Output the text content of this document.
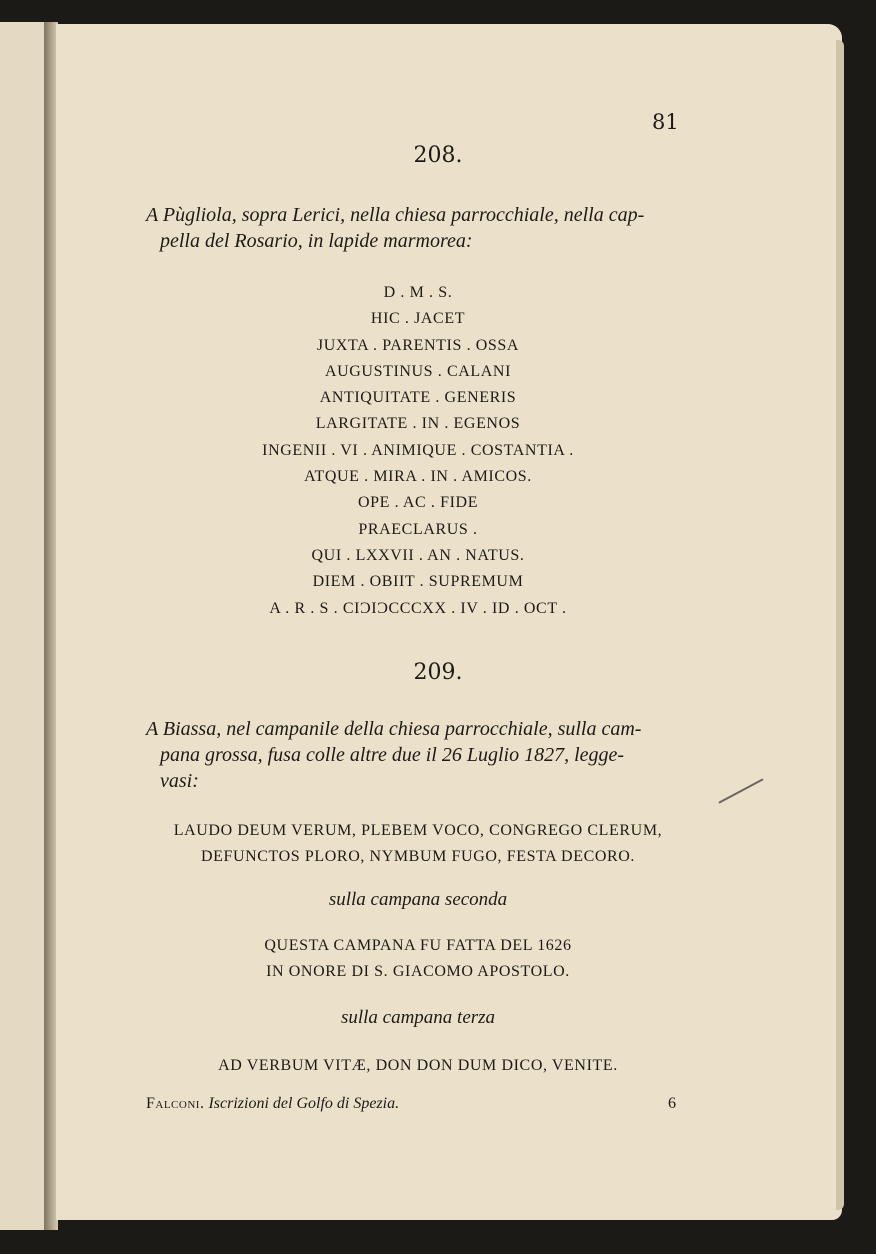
81
208.
A Pùgliola, sopra Lerici, nella chiesa parrocchiale, nella cap-
pella del Rosario, in lapide marmorea:
D . M . S.
HIC . JACET
JUXTA . PARENTIS . OSSA
AUGUSTINUS . CALANI
ANTIQUITATE . GENERIS
LARGITATE . IN . EGENOS
INGENII . VI . ANIMIQUE . COSTANTIA .
ATQUE . MIRA . IN . AMICOS.
OPE . AC . FIDE
PRAECLARUS .
QUI . LXXVII . AN . NATUS.
DIEM . OBIIT . SUPREMUM
A . R . S . CIƆIƆCCCXX . IV . ID . OCT .
209.
A Biassa, nel campanile della chiesa parrocchiale, sulla cam-
pana grossa, fusa colle altre due il 26 Luglio 1827, legge-
vasi:
LAUDO DEUM VERUM, PLEBEM VOCO, CONGREGO CLERUM,
DEFUNCTOS PLORO, NYMBUM FUGO, FESTA DECORO.
sulla campana seconda
QUESTA CAMPANA FU FATTA DEL 1626
IN ONORE DI S. GIACOMO APOSTOLO.
sulla campana terza
AD VERBUM VITÆ, DON DON DUM DICO, VENITE.
Falconi. Iscrizioni del Golfo di Spezia.	6
